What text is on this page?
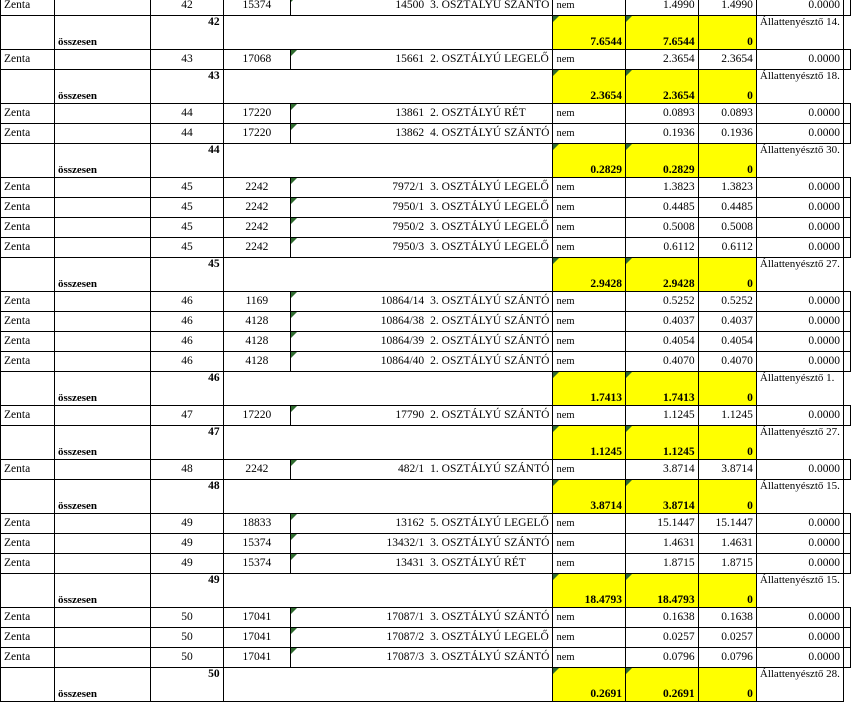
Zenta		42	15374	14500	3. OSZTÁLYÚ SZÁNTÓ	nem	1.4990	1.4990	0.0000	
	összesen	42				7.6544	7.6544	0	Állattenyésztő 14.	
Zenta		43	17068	15661	2. OSZTÁLYÚ LEGELŐ	nem	2.3654	2.3654	0.0000	
	összesen	43				2.3654	2.3654	0	Állattenyésztő 18.	
Zenta		44	17220	13861	2. OSZTÁLYÚ RÉT	nem	0.0893	0.0893	0.0000	
Zenta		44	17220	13862	4. OSZTÁLYÚ SZÁNTÓ	nem	0.1936	0.1936	0.0000	
	összesen	44				0.2829	0.2829	0	Állattenyésztő 30.	
Zenta		45	2242	7972/1	3. OSZTÁLYÚ LEGELŐ	nem	1.3823	1.3823	0.0000	
Zenta		45	2242	7950/1	3. OSZTÁLYÚ LEGELŐ	nem	0.4485	0.4485	0.0000	
Zenta		45	2242	7950/2	3. OSZTÁLYÚ LEGELŐ	nem	0.5008	0.5008	0.0000	
Zenta		45	2242	7950/3	3. OSZTÁLYÚ LEGELŐ	nem	0.6112	0.6112	0.0000	
	összesen	45				2.9428	2.9428	0	Állattenyésztő 27.	
Zenta		46	1169	10864/14	3. OSZTÁLYÚ SZÁNTÓ	nem	0.5252	0.5252	0.0000	
Zenta		46	4128	10864/38	2. OSZTÁLYÚ SZÁNTÓ	nem	0.4037	0.4037	0.0000	
Zenta		46	4128	10864/39	2. OSZTÁLYÚ SZÁNTÓ	nem	0.4054	0.4054	0.0000	
Zenta		46	4128	10864/40	2. OSZTÁLYÚ SZÁNTÓ	nem	0.4070	0.4070	0.0000	
	összesen	46				1.7413	1.7413	0	Állattenyésztő 1.	
Zenta		47	17220	17790	2. OSZTÁLYÚ SZÁNTÓ	nem	1.1245	1.1245	0.0000	
	összesen	47				1.1245	1.1245	0	Állattenyésztő 27.	
Zenta		48	2242	482/1	1. OSZTÁLYÚ SZÁNTÓ	nem	3.8714	3.8714	0.0000	
	összesen	48				3.8714	3.8714	0	Állattenyésztő 15.	
Zenta		49	18833	13162	5. OSZTÁLYÚ LEGELŐ	nem	15.1447	15.1447	0.0000	
Zenta		49	15374	13432/1	3. OSZTÁLYÚ SZÁNTÓ	nem	1.4631	1.4631	0.0000	
Zenta		49	15374	13431	3. OSZTÁLYÚ RÉT	nem	1.8715	1.8715	0.0000	
	összesen	49				18.4793	18.4793	0	Állattenyésztő 15.	
Zenta		50	17041	17087/1	3. OSZTÁLYÚ SZÁNTÓ	nem	0.1638	0.1638	0.0000	
Zenta		50	17041	17087/2	3. OSZTÁLYÚ LEGELŐ	nem	0.0257	0.0257	0.0000	
Zenta		50	17041	17087/3	3. OSZTÁLYÚ SZÁNTÓ	nem	0.0796	0.0796	0.0000	
	összesen	50				0.2691	0.2691	0	Állattenyésztő 28.	
